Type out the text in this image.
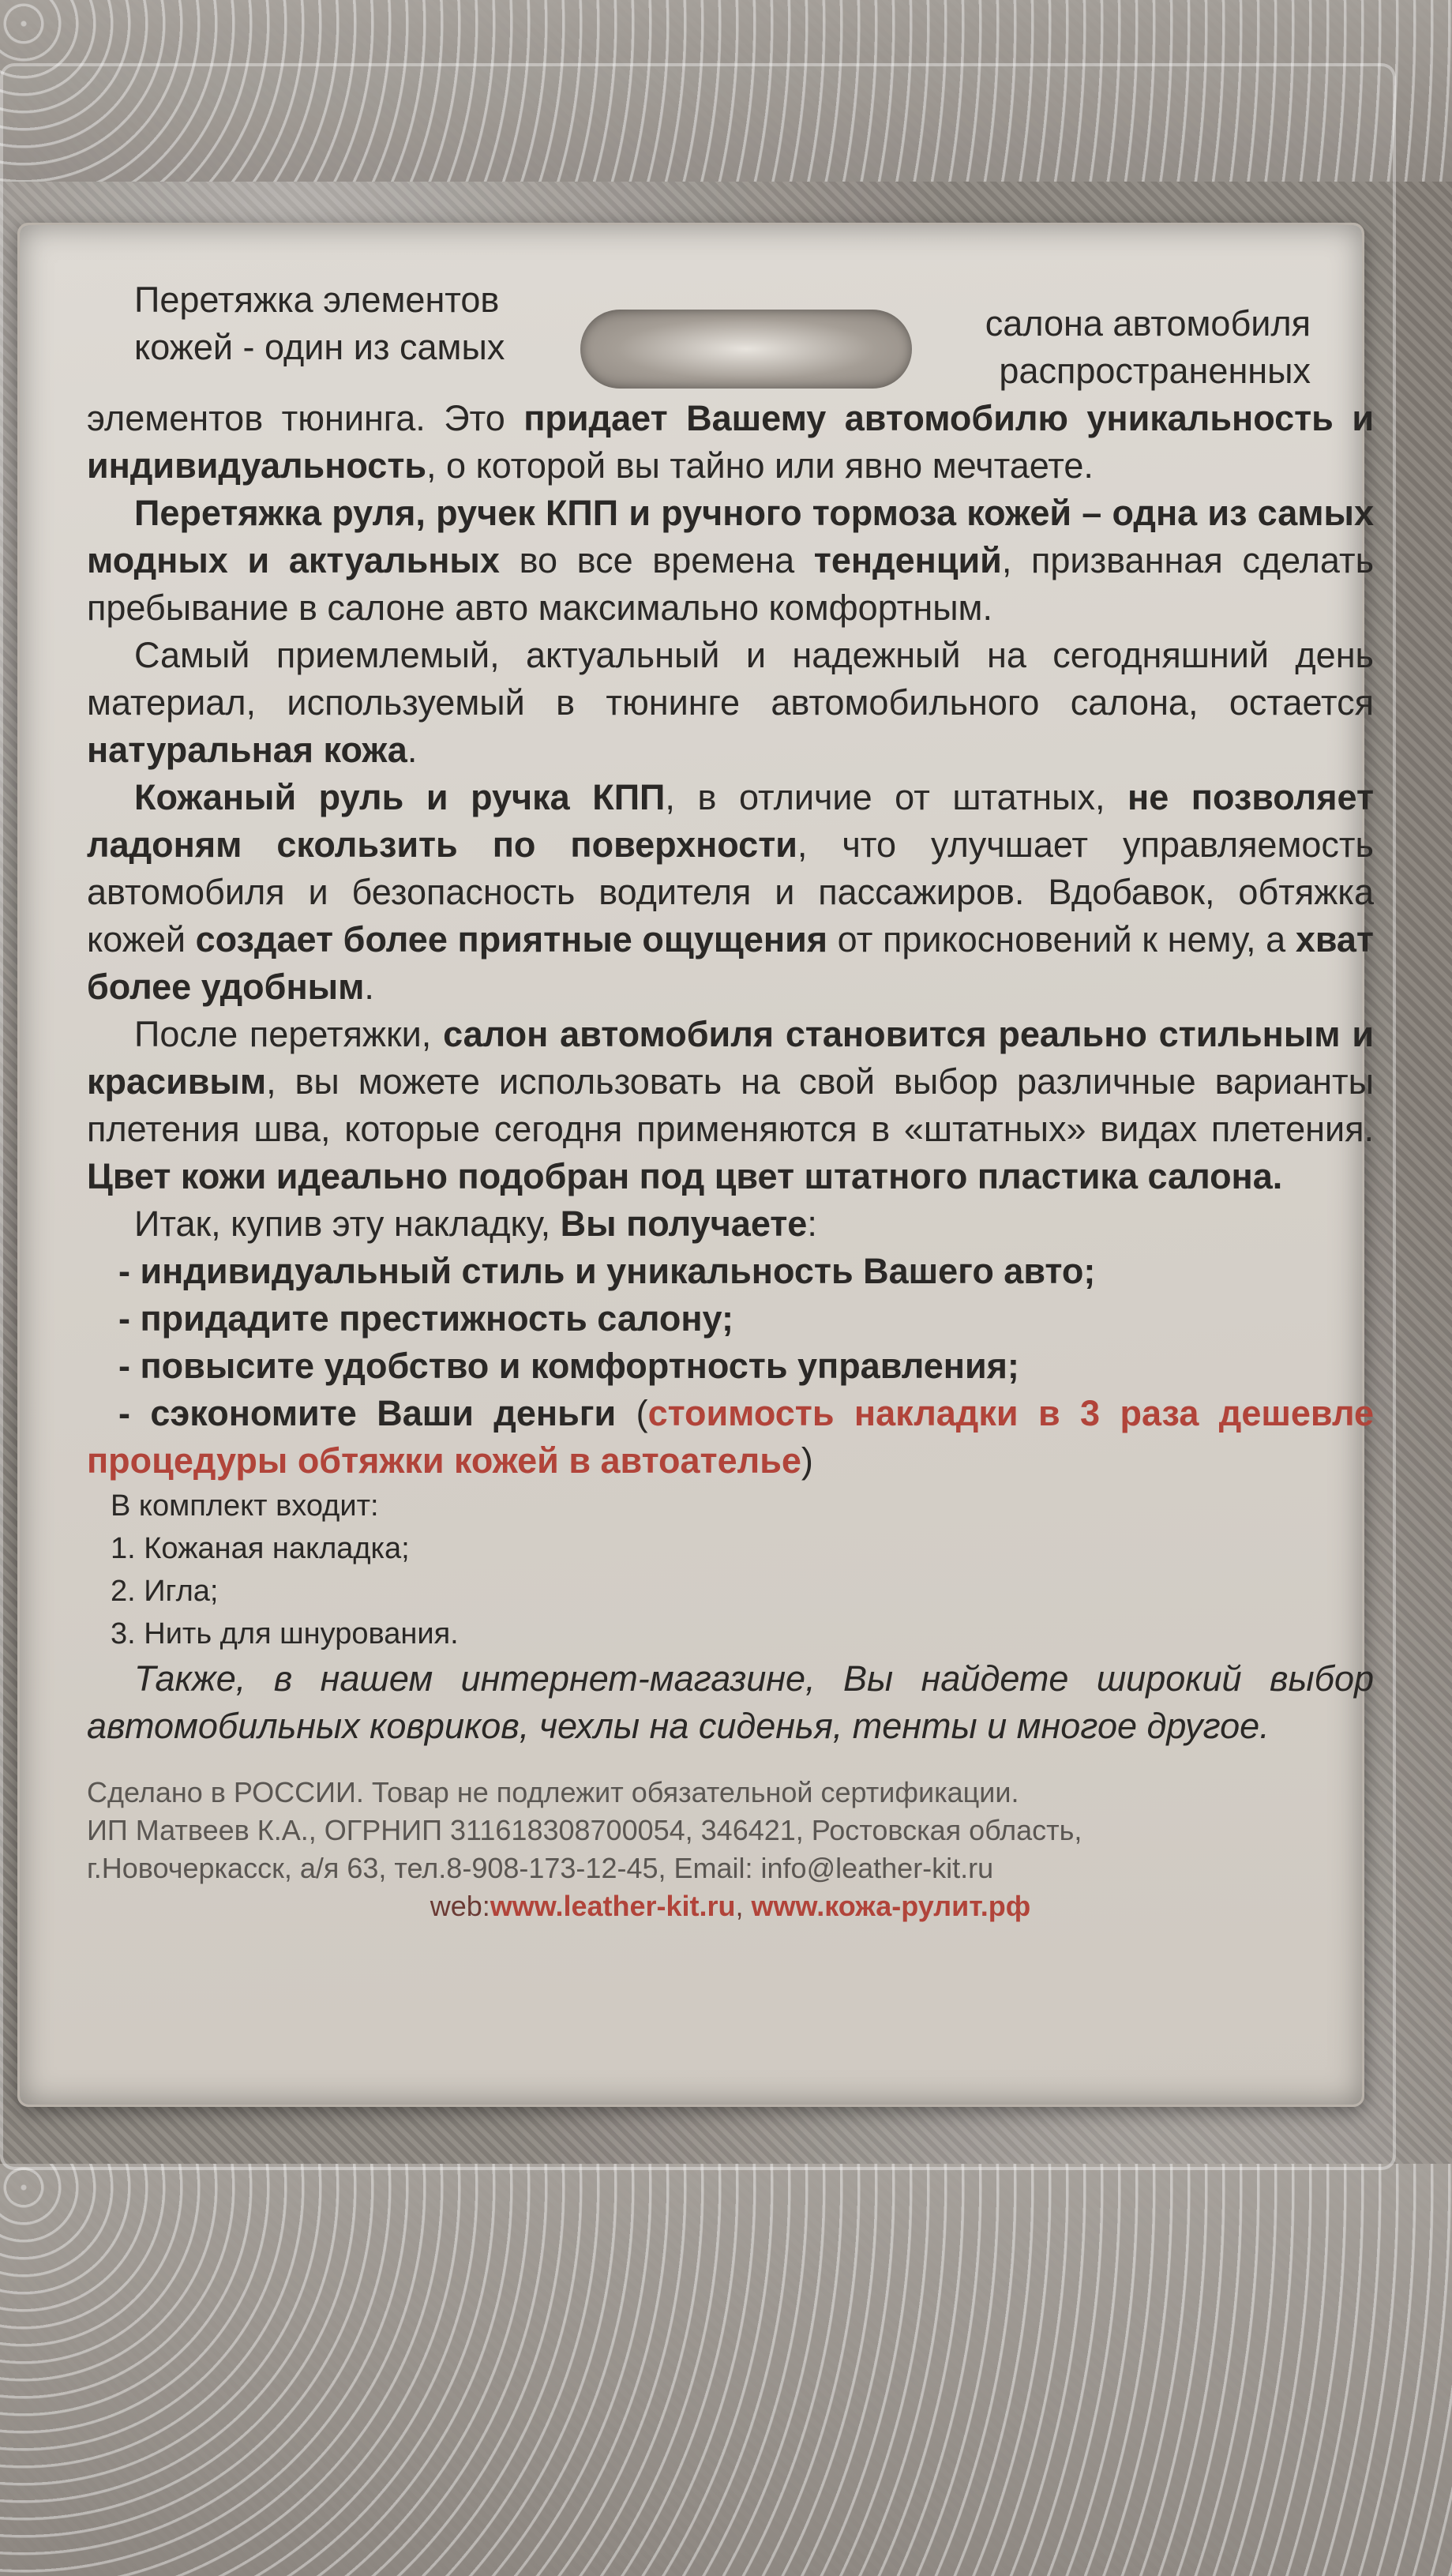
Перетяжка элементов
кожей - один из самых
салона автомобиля
распространенных

элементов тюнинга. Это придает Вашему автомобилю уникальность и индивидуальность, о которой вы тайно или явно мечтаете.

Перетяжка руля, ручек КПП и ручного тормоза кожей – одна из самых модных и актуальных во все времена тенденций, призванная сделать пребывание в салоне авто максимально комфортным.

Самый приемлемый, актуальный и надежный на сегодняшний день материал, используемый в тюнинге автомобильного салона, остается натуральная кожа.

Кожаный руль и ручка КПП, в отличие от штатных, не позволяет ладоням скользить по поверхности, что улучшает управляемость автомобиля и безопасность водителя и пассажиров. Вдобавок, обтяжка кожей создает более приятные ощущения от прикосновений к нему, а хват более удобным.

После перетяжки, салон автомобиля становится реально стильным и красивым, вы можете использовать на свой выбор различные варианты плетения шва, которые сегодня применяются в «штатных» видах плетения. Цвет кожи идеально подобран под цвет штатного пластика салона.

Итак, купив эту накладку, Вы получаете:

- индивидуальный стиль и уникальность Вашего авто;

- придадите престижность салону;

- повысите удобство и комфортность управления;

- сэкономите Ваши деньги (стоимость накладки в 3 раза дешевле процедуры обтяжки кожей в автоателье)

В комплект входит:
1. Кожаная накладка;
2. Игла;
3. Нить для шнурования.

Также, в нашем интернет-магазине, Вы найдете широкий выбор автомобильных ковриков, чехлы на сиденья, тенты и многое другое.

Сделано в РОССИИ. Товар не подлежит обязательной сертификации.
ИП Матвеев К.А., ОГРНИП 311618308700054, 346421, Ростовская область,
г.Новочеркасск, а/я 63, тел.8-908-173-12-45, Email: info@leather-kit.ru
web:www.leather-kit.ru, www.кожа-рулит.рф
